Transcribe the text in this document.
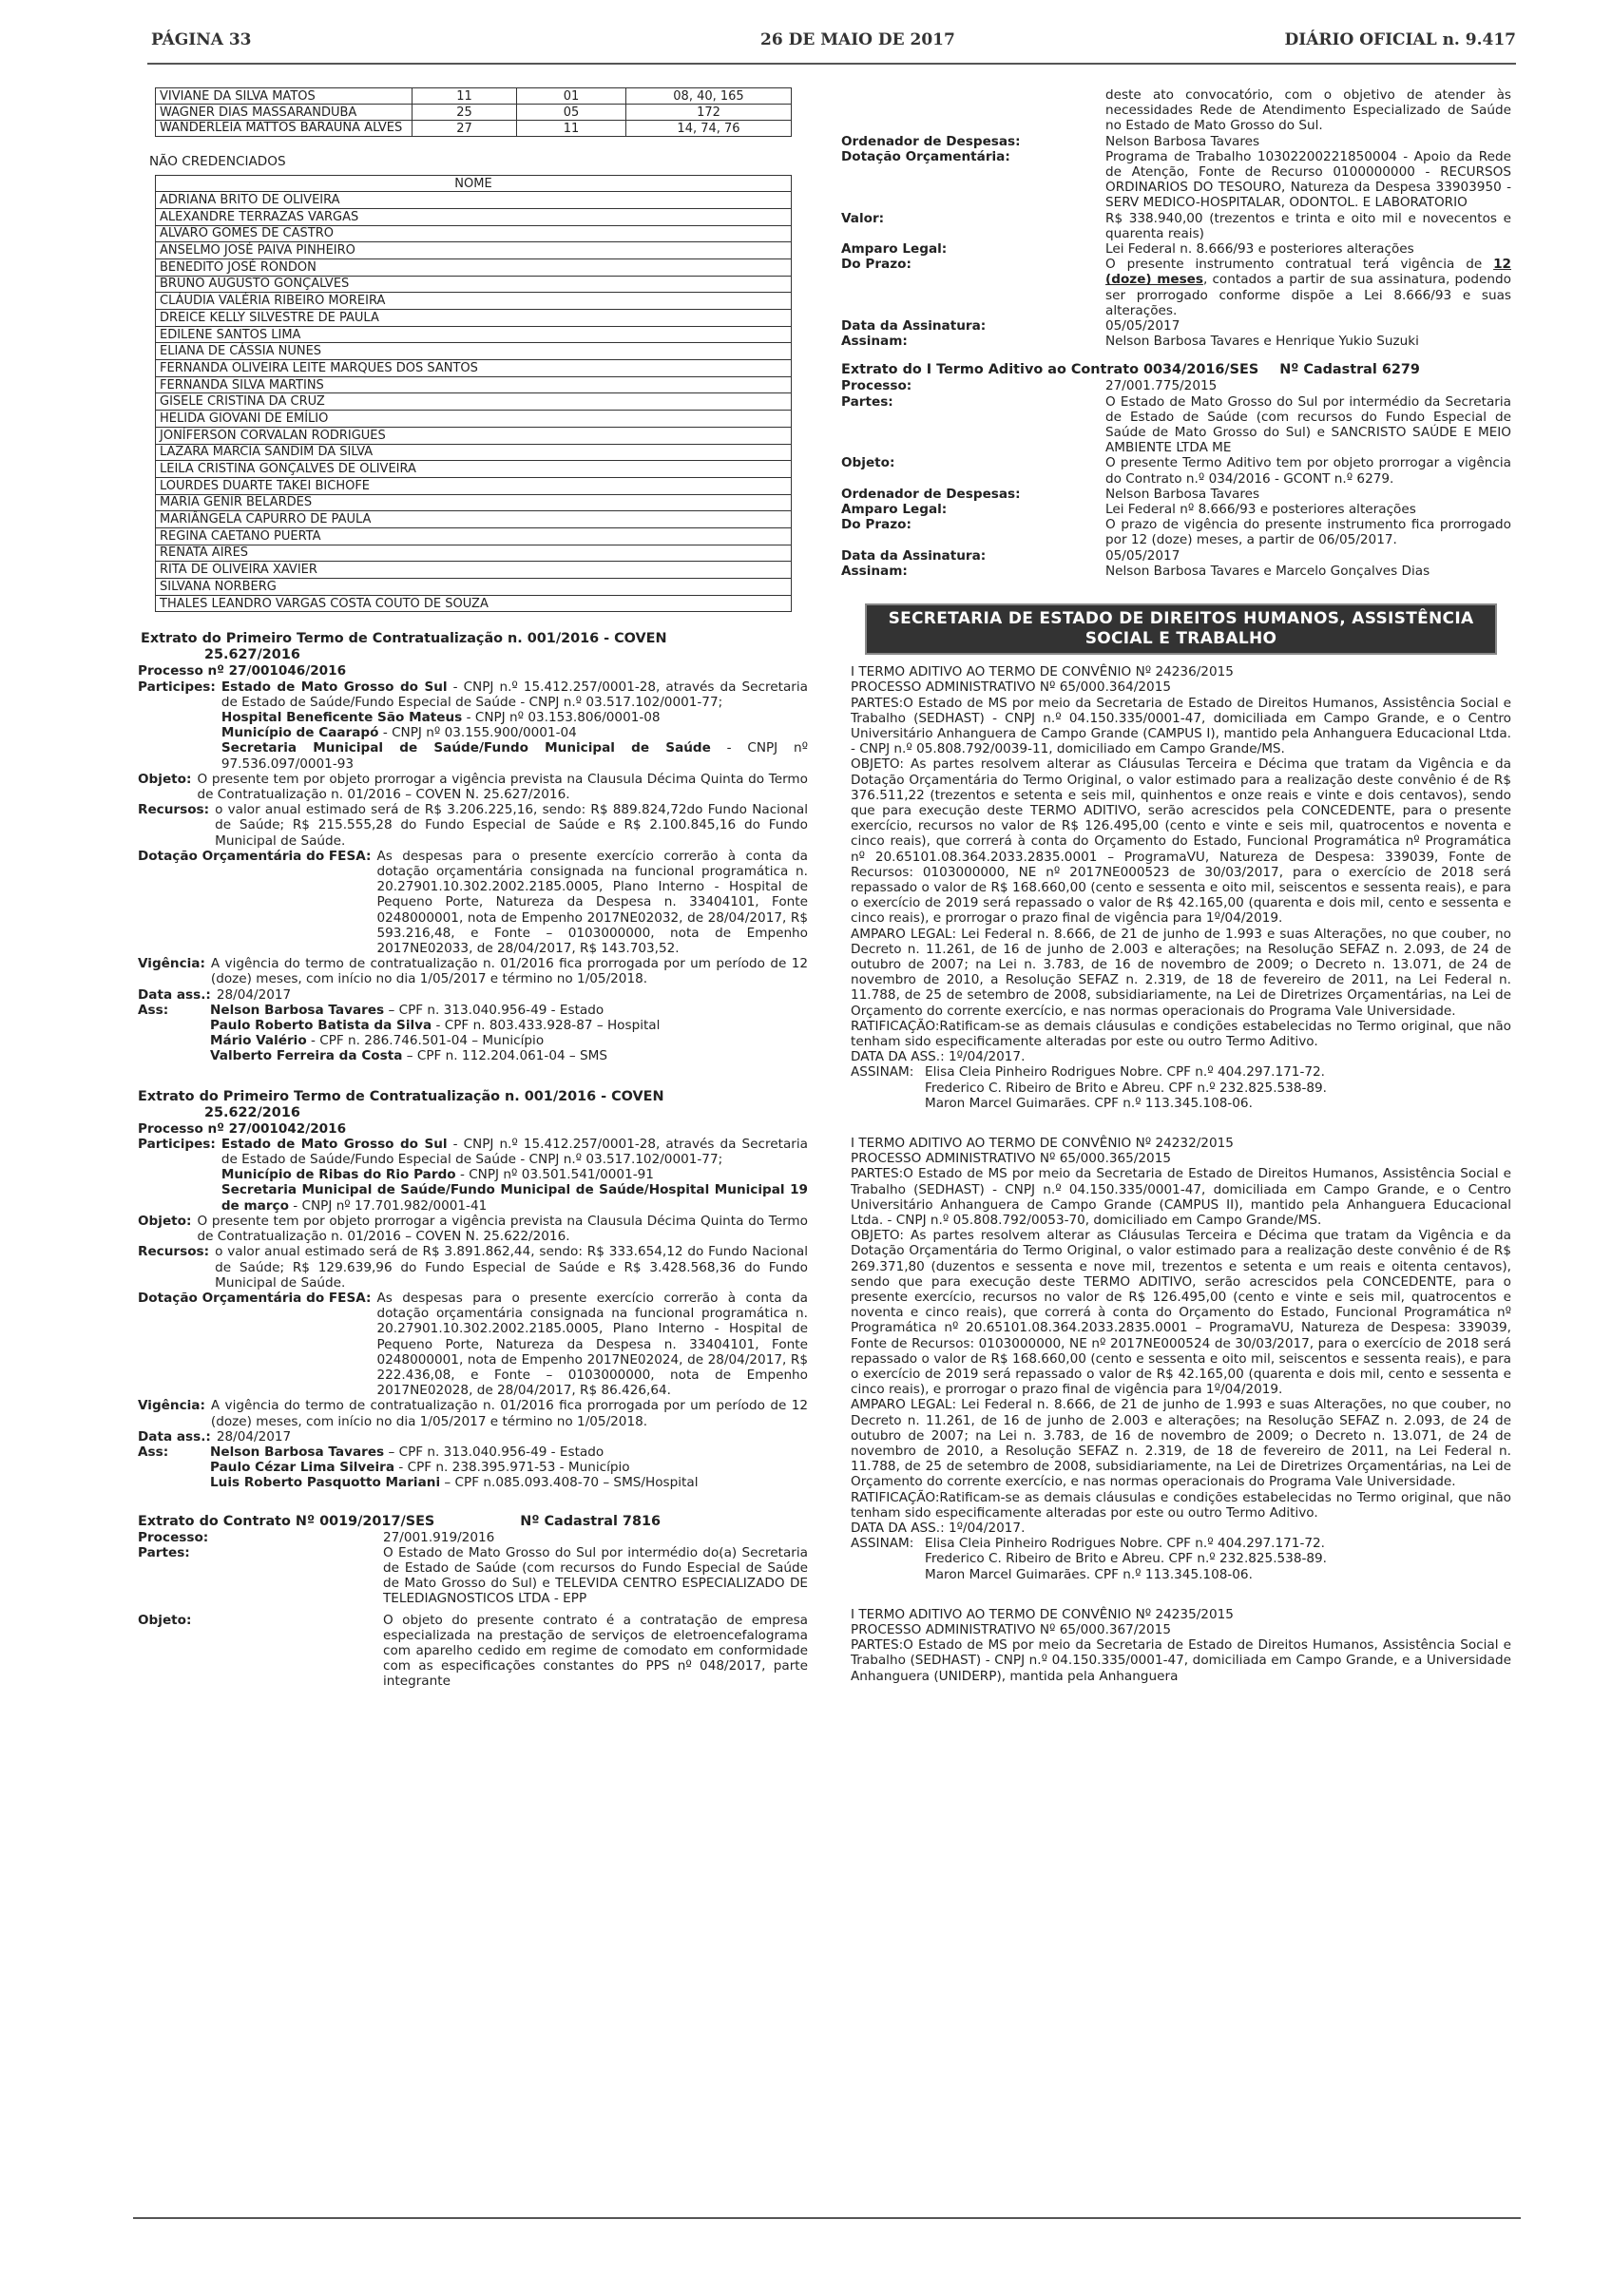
PÁGINA 33	26 DE MAIO DE 2017	DIÁRIO OFICIAL n. 9.417
VIVIANE DA SILVA MATOS	11	01	08, 40, 165
WAGNER DIAS MASSARANDUBA	25	05	172
WANDERLEIA MATTOS BARAUNA ALVES	27	11	14, 74, 76
NÃO CREDENCIADOS
NOME
ADRIANA BRITO DE OLIVEIRA
ALEXANDRE TERRAZAS VARGAS
ALVARO GOMES DE CASTRO
ANSELMO JOSÉ PAIVA PINHEIRO
BENEDITO JOSÉ RONDON
BRUNO AUGUSTO GONÇALVES
CLÁUDIA VALÉRIA RIBEIRO MOREIRA
DREICE KELLY SILVESTRE DE PAULA
EDILENE SANTOS LIMA
ELIANA DE CÁSSIA NUNES
FERNANDA OLIVEIRA LEITE MARQUES DOS SANTOS
FERNANDA SILVA MARTINS
GISELE CRISTINA DA CRUZ
HELIDA GIOVANI DE EMÍLIO
JONÍFERSON CORVALAN RODRIGUES
LAZARA MARCIA SANDIM DA SILVA
LEILA CRISTINA GONÇALVES DE OLIVEIRA
LOURDES DUARTE TAKEI BICHOFE
MARIA GENIR BELARDES
MARIÂNGELA CAPURRO DE PAULA
REGINA CAETANO PUERTA
RENATA AIRES
RITA DE OLIVEIRA XAVIER
SILVANA NORBERG
THALES LEANDRO VARGAS COSTA COUTO DE SOUZA
Extrato do Primeiro Termo de Contratualização n. 001/2016 - COVEN
25.627/2016
Processo nº 27/001046/2016
Participes: Estado de Mato Grosso do Sul - CNPJ n.º 15.412.257/0001-28, através da Secretaria de Estado de Saúde/Fundo Especial de Saúde - CNPJ n.º 03.517.102/0001-77;
Hospital Beneficente São Mateus - CNPJ nº 03.153.806/0001-08
Município de Caarapó - CNPJ nº 03.155.900/0001-04
Secretaria Municipal de Saúde/Fundo Municipal de Saúde - CNPJ nº 97.536.097/0001-93
Objeto: O presente tem por objeto prorrogar a vigência prevista na Clausula Décima Quinta do Termo de Contratualização n. 01/2016 – COVEN N. 25.627/2016.
Recursos: o valor anual estimado será de R$ 3.206.225,16, sendo: R$ 889.824,72do Fundo Nacional de Saúde; R$ 215.555,28 do Fundo Especial de Saúde e R$ 2.100.845,16 do Fundo Municipal de Saúde.
Dotação Orçamentária do FESA: As despesas para o presente exercício correrão à conta da dotação orçamentária consignada na funcional programática n. 20.27901.10.302.2002.2185.0005, Plano Interno - Hospital de Pequeno Porte, Natureza da Despesa n. 33404101, Fonte 0248000001, nota de Empenho 2017NE02032, de 28/04/2017, R$ 593.216,48, e Fonte – 0103000000, nota de Empenho 2017NE02033, de 28/04/2017, R$ 143.703,52.
Vigência: A vigência do termo de contratualização n. 01/2016 fica prorrogada por um período de 12 (doze) meses, com início no dia 1/05/2017 e término no 1/05/2018.
Data ass.: 28/04/2017
Ass:	Nelson Barbosa Tavares – CPF n. 313.040.956-49 - Estado
Paulo Roberto Batista da Silva - CPF n. 803.433.928-87 – Hospital
Mário Valério - CPF n. 286.746.501-04 – Município
Valberto Ferreira da Costa – CPF n. 112.204.061-04 – SMS
Extrato do Primeiro Termo de Contratualização n. 001/2016 - COVEN
25.622/2016
Processo nº 27/001042/2016
Participes: Estado de Mato Grosso do Sul - CNPJ n.º 15.412.257/0001-28, através da Secretaria de Estado de Saúde/Fundo Especial de Saúde - CNPJ n.º 03.517.102/0001-77;
Município de Ribas do Rio Pardo - CNPJ nº 03.501.541/0001-91
Secretaria Municipal de Saúde/Fundo Municipal de Saúde/Hospital Municipal 19 de março - CNPJ nº 17.701.982/0001-41
Objeto: O presente tem por objeto prorrogar a vigência prevista na Clausula Décima Quinta do Termo de Contratualização n. 01/2016 – COVEN N. 25.622/2016.
Recursos: o valor anual estimado será de R$ 3.891.862,44, sendo: R$ 333.654,12 do Fundo Nacional de Saúde; R$ 129.639,96 do Fundo Especial de Saúde e R$ 3.428.568,36 do Fundo Municipal de Saúde.
Dotação Orçamentária do FESA: As despesas para o presente exercício correrão à conta da dotação orçamentária consignada na funcional programática n. 20.27901.10.302.2002.2185.0005, Plano Interno - Hospital de Pequeno Porte, Natureza da Despesa n. 33404101, Fonte 0248000001, nota de Empenho 2017NE02024, de 28/04/2017, R$ 222.436,08, e Fonte – 0103000000, nota de Empenho 2017NE02028, de 28/04/2017, R$ 86.426,64.
Vigência: A vigência do termo de contratualização n. 01/2016 fica prorrogada por um período de 12 (doze) meses, com início no dia 1/05/2017 e término no 1/05/2018.
Data ass.: 28/04/2017
Ass:	Nelson Barbosa Tavares – CPF n. 313.040.956-49 - Estado
Paulo Cézar Lima Silveira - CPF n. 238.395.971-53 - Município
Luis Roberto Pasquotto Mariani – CPF n.085.093.408-70 – SMS/Hospital
Extrato do Contrato Nº 0019/2017/SES	Nº Cadastral 7816
Processo:	27/001.919/2016
Partes:	O Estado de Mato Grosso do Sul por intermédio do(a) Secretaria de Estado de Saúde (com recursos do Fundo Especial de Saúde de Mato Grosso do Sul) e TELEVIDA CENTRO ESPECIALIZADO DE TELEDIAGNOSTICOS LTDA - EPP
Objeto:	O objeto do presente contrato é a contratação de empresa especializada na prestação de serviços de eletroencefalograma com aparelho cedido em regime de comodato em conformidade com as especificações constantes do PPS nº 048/2017, parte integrante
deste ato convocatório, com o objetivo de atender às necessidades Rede de Atendimento Especializado de Saúde no Estado de Mato Grosso do Sul.
Ordenador de Despesas:	Nelson Barbosa Tavares
Dotação Orçamentária:	Programa de Trabalho 10302200221850004 - Apoio da Rede de Atenção, Fonte de Recurso 0100000000 - RECURSOS ORDINARIOS DO TESOURO, Natureza da Despesa 33903950 - SERV MEDICO-HOSPITALAR, ODONTOL. E LABORATORIO
Valor:	R$ 338.940,00 (trezentos e trinta e oito mil e novecentos e quarenta reais)
Amparo Legal:	Lei Federal n. 8.666/93 e posteriores alterações
Do Prazo:	O presente instrumento contratual terá vigência de 12 (doze) meses, contados a partir de sua assinatura, podendo ser prorrogado conforme dispõe a Lei 8.666/93 e suas alterações.
Data da Assinatura:	05/05/2017
Assinam:	Nelson Barbosa Tavares e Henrique Yukio Suzuki
Extrato do I Termo Aditivo ao Contrato 0034/2016/SES Nº Cadastral 6279
Processo:	27/001.775/2015
Partes:	O Estado de Mato Grosso do Sul por intermédio da Secretaria de Estado de Saúde (com recursos do Fundo Especial de Saúde de Mato Grosso do Sul) e SANCRISTO SAÚDE E MEIO AMBIENTE LTDA ME
Objeto:	O presente Termo Aditivo tem por objeto prorrogar a vigência do Contrato n.º 034/2016 - GCONT n.º 6279.
Ordenador de Despesas:	Nelson Barbosa Tavares
Amparo Legal:	Lei Federal nº 8.666/93 e posteriores alterações
Do Prazo:	O prazo de vigência do presente instrumento fica prorrogado por 12 (doze) meses, a partir de 06/05/2017.
Data da Assinatura:	05/05/2017
Assinam:	Nelson Barbosa Tavares e Marcelo Gonçalves Dias
SECRETARIA DE ESTADO DE DIREITOS HUMANOS, ASSISTÊNCIA SOCIAL E TRABALHO

I TERMO ADITIVO AO TERMO DE CONVÊNIO Nº 24236/2015

PROCESSO ADMINISTRATIVO Nº 65/000.364/2015

PARTES:O Estado de MS por meio da Secretaria de Estado de Direitos Humanos, Assistência Social e Trabalho (SEDHAST) - CNPJ n.º 04.150.335/0001-47, domiciliada em Campo Grande, e o Centro Universitário Anhanguera de Campo Grande (CAMPUS I), mantido pela Anhanguera Educacional Ltda. - CNPJ n.º 05.808.792/0039-11, domiciliado em Campo Grande/MS.

OBJETO: As partes resolvem alterar as Cláusulas Terceira e Décima que tratam da Vigência e da Dotação Orçamentária do Termo Original, o valor estimado para a realização deste convênio é de R$ 376.511,22 (trezentos e setenta e seis mil, quinhentos e onze reais e vinte e dois centavos), sendo que para execução deste TERMO ADITIVO, serão acrescidos pela CONCEDENTE, para o presente exercício, recursos no valor de R$ 126.495,00 (cento e vinte e seis mil, quatrocentos e noventa e cinco reais), que correrá à conta do Orçamento do Estado, Funcional Programática nº Programática nº 20.65101.08.364.2033.2835.0001 – ProgramaVU, Natureza de Despesa: 339039, Fonte de Recursos: 0103000000, NE nº 2017NE000523 de 30/03/2017, para o exercício de 2018 será repassado o valor de R$ 168.660,00 (cento e sessenta e oito mil, seiscentos e sessenta reais), e para o exercício de 2019 será repassado o valor de R$ 42.165,00 (quarenta e dois mil, cento e sessenta e cinco reais), e prorrogar o prazo final de vigência para 1º/04/2019.

AMPARO LEGAL: Lei Federal n. 8.666, de 21 de junho de 1.993 e suas Alterações, no que couber, no Decreto n. 11.261, de 16 de junho de 2.003 e alterações; na Resolução SEFAZ n. 2.093, de 24 de outubro de 2007; na Lei n. 3.783, de 16 de novembro de 2009; o Decreto n. 13.071, de 24 de novembro de 2010, a Resolução SEFAZ n. 2.319, de 18 de fevereiro de 2011, na Lei Federal n. 11.788, de 25 de setembro de 2008, subsidiariamente, na Lei de Diretrizes Orçamentárias, na Lei de Orçamento do corrente exercício, e nas normas operacionais do Programa Vale Universidade.

RATIFICAÇÃO:Ratificam-se as demais cláusulas e condições estabelecidas no Termo original, que não tenham sido especificamente alteradas por este ou outro Termo Aditivo.

DATA DA ASS.: 1º/04/2017.

ASSINAM: Elisa Cleia Pinheiro Rodrigues Nobre. CPF n.º 404.297.171-72.
Frederico C. Ribeiro de Brito e Abreu. CPF n.º 232.825.538-89.
Maron Marcel Guimarães. CPF n.º 113.345.108-06.

I TERMO ADITIVO AO TERMO DE CONVÊNIO Nº 24232/2015

PROCESSO ADMINISTRATIVO Nº 65/000.365/2015

PARTES:O Estado de MS por meio da Secretaria de Estado de Direitos Humanos, Assistência Social e Trabalho (SEDHAST) - CNPJ n.º 04.150.335/0001-47, domiciliada em Campo Grande, e o Centro Universitário Anhanguera de Campo Grande (CAMPUS II), mantido pela Anhanguera Educacional Ltda. - CNPJ n.º 05.808.792/0053-70, domiciliado em Campo Grande/MS.

OBJETO: As partes resolvem alterar as Cláusulas Terceira e Décima que tratam da Vigência e da Dotação Orçamentária do Termo Original, o valor estimado para a realização deste convênio é de R$ 269.371,80 (duzentos e sessenta e nove mil, trezentos e setenta e um reais e oitenta centavos), sendo que para execução deste TERMO ADITIVO, serão acrescidos pela CONCEDENTE, para o presente exercício, recursos no valor de R$ 126.495,00 (cento e vinte e seis mil, quatrocentos e noventa e cinco reais), que correrá à conta do Orçamento do Estado, Funcional Programática nº Programática nº 20.65101.08.364.2033.2835.0001 – ProgramaVU, Natureza de Despesa: 339039, Fonte de Recursos: 0103000000, NE nº 2017NE000524 de 30/03/2017, para o exercício de 2018 será repassado o valor de R$ 168.660,00 (cento e sessenta e oito mil, seiscentos e sessenta reais), e para o exercício de 2019 será repassado o valor de R$ 42.165,00 (quarenta e dois mil, cento e sessenta e cinco reais), e prorrogar o prazo final de vigência para 1º/04/2019.

AMPARO LEGAL: Lei Federal n. 8.666, de 21 de junho de 1.993 e suas Alterações, no que couber, no Decreto n. 11.261, de 16 de junho de 2.003 e alterações; na Resolução SEFAZ n. 2.093, de 24 de outubro de 2007; na Lei n. 3.783, de 16 de novembro de 2009; o Decreto n. 13.071, de 24 de novembro de 2010, a Resolução SEFAZ n. 2.319, de 18 de fevereiro de 2011, na Lei Federal n. 11.788, de 25 de setembro de 2008, subsidiariamente, na Lei de Diretrizes Orçamentárias, na Lei de Orçamento do corrente exercício, e nas normas operacionais do Programa Vale Universidade.

RATIFICAÇÃO:Ratificam-se as demais cláusulas e condições estabelecidas no Termo original, que não tenham sido especificamente alteradas por este ou outro Termo Aditivo.

DATA DA ASS.: 1º/04/2017.

ASSINAM: Elisa Cleia Pinheiro Rodrigues Nobre. CPF n.º 404.297.171-72.
Frederico C. Ribeiro de Brito e Abreu. CPF n.º 232.825.538-89.
Maron Marcel Guimarães. CPF n.º 113.345.108-06.

I TERMO ADITIVO AO TERMO DE CONVÊNIO Nº 24235/2015

PROCESSO ADMINISTRATIVO Nº 65/000.367/2015

PARTES:O Estado de MS por meio da Secretaria de Estado de Direitos Humanos, Assistência Social e Trabalho (SEDHAST) - CNPJ n.º 04.150.335/0001-47, domiciliada em Campo Grande, e a Universidade Anhanguera (UNIDERP), mantida pela Anhanguera
